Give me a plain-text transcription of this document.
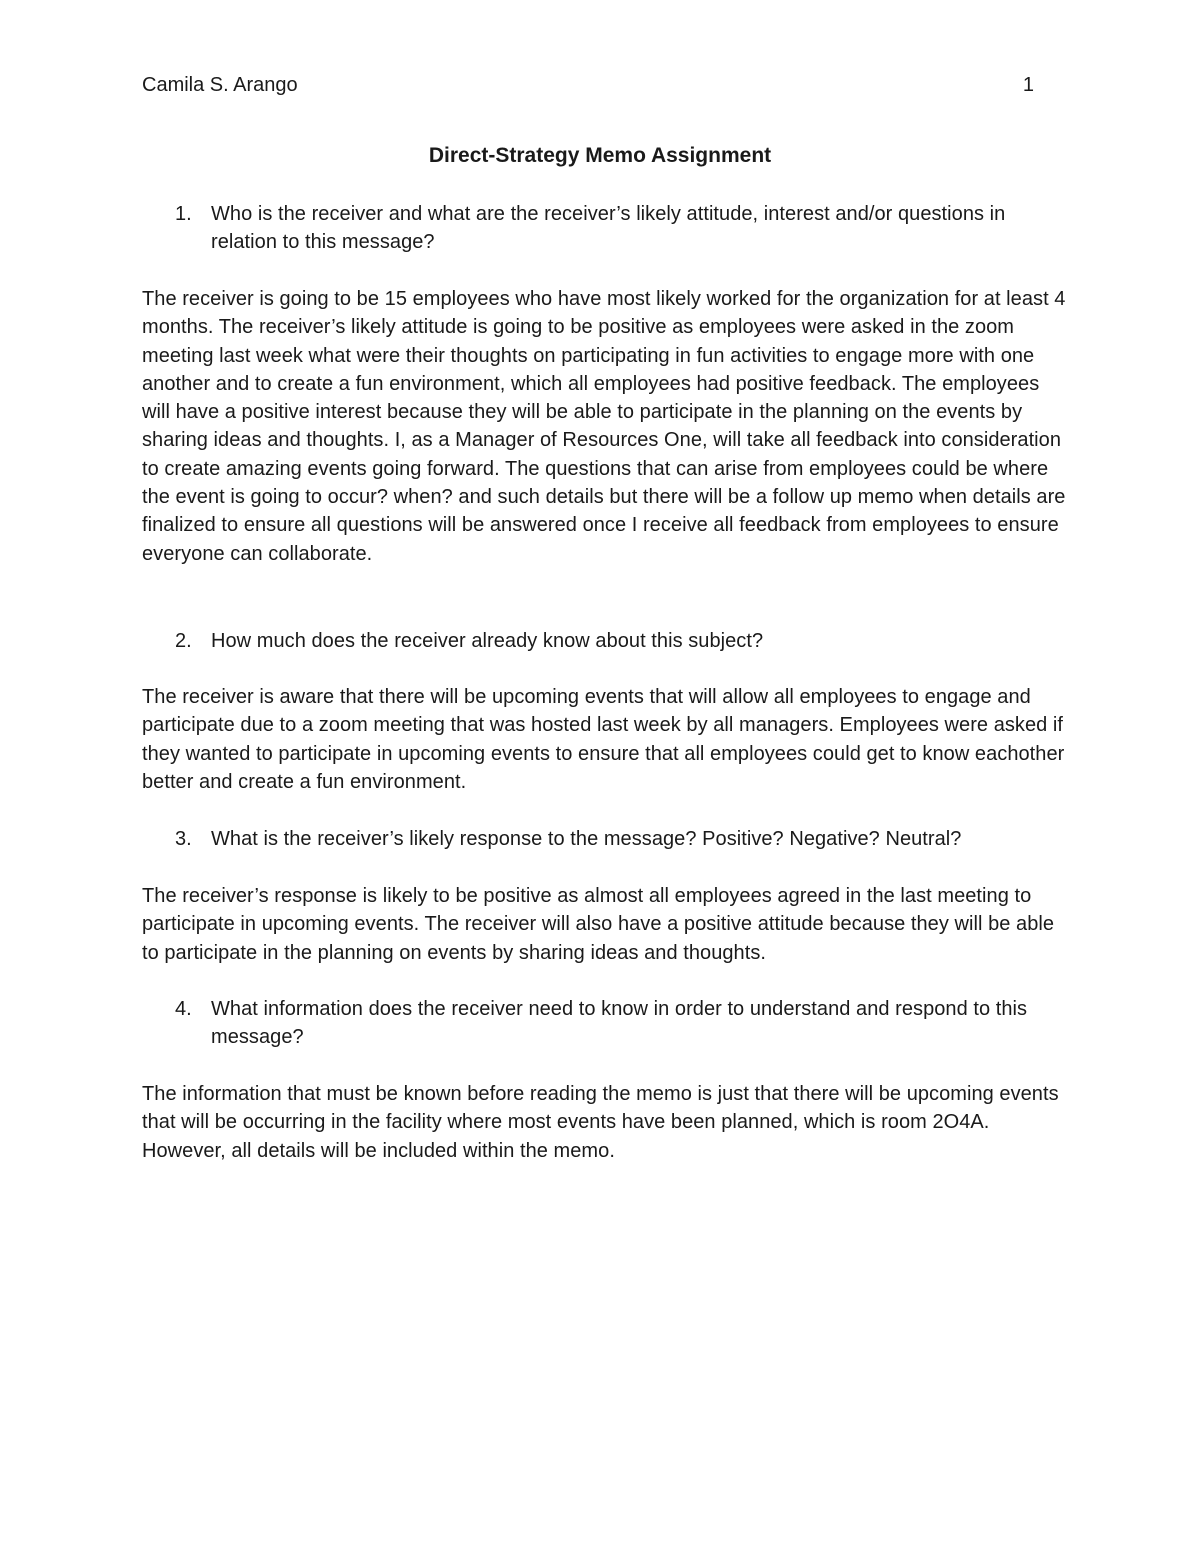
Camila S. Arango	1
Direct-Strategy Memo Assignment
1. Who is the receiver and what are the receiver’s likely attitude, interest and/or questions in relation to this message?

The receiver is going to be 15 employees who have most likely worked for the organization for at least 4 months. The receiver’s likely attitude is going to be positive as employees were asked in the zoom meeting last week what were their thoughts on participating in fun activities to engage more with one another and to create a fun environment, which all employees had positive feedback. The employees will have a positive interest because they will be able to participate in the planning on the events by sharing ideas and thoughts. I, as a Manager of Resources One, will take all feedback into consideration to create amazing events going forward. The questions that can arise from employees could be where the event is going to occur? when? and such details but there will be a follow up memo when details are finalized to ensure all questions will be answered once I receive all feedback from employees to ensure everyone can collaborate.

2. How much does the receiver already know about this subject?

The receiver is aware that there will be upcoming events that will allow all employees to engage and participate due to a zoom meeting that was hosted last week by all managers. Employees were asked if they wanted to participate in upcoming events to ensure that all employees could get to know eachother better and create a fun environment.

3. What is the receiver’s likely response to the message? Positive? Negative? Neutral?

The receiver’s response is likely to be positive as almost all employees agreed in the last meeting to participate in upcoming events. The receiver will also have a positive attitude because they will be able to participate in the planning on events by sharing ideas and thoughts.

4. What information does the receiver need to know in order to understand and respond to this message?

The information that must be known before reading the memo is just that there will be upcoming events that will be occurring in the facility where most events have been planned, which is room 2O4A. However, all details will be included within the memo.
